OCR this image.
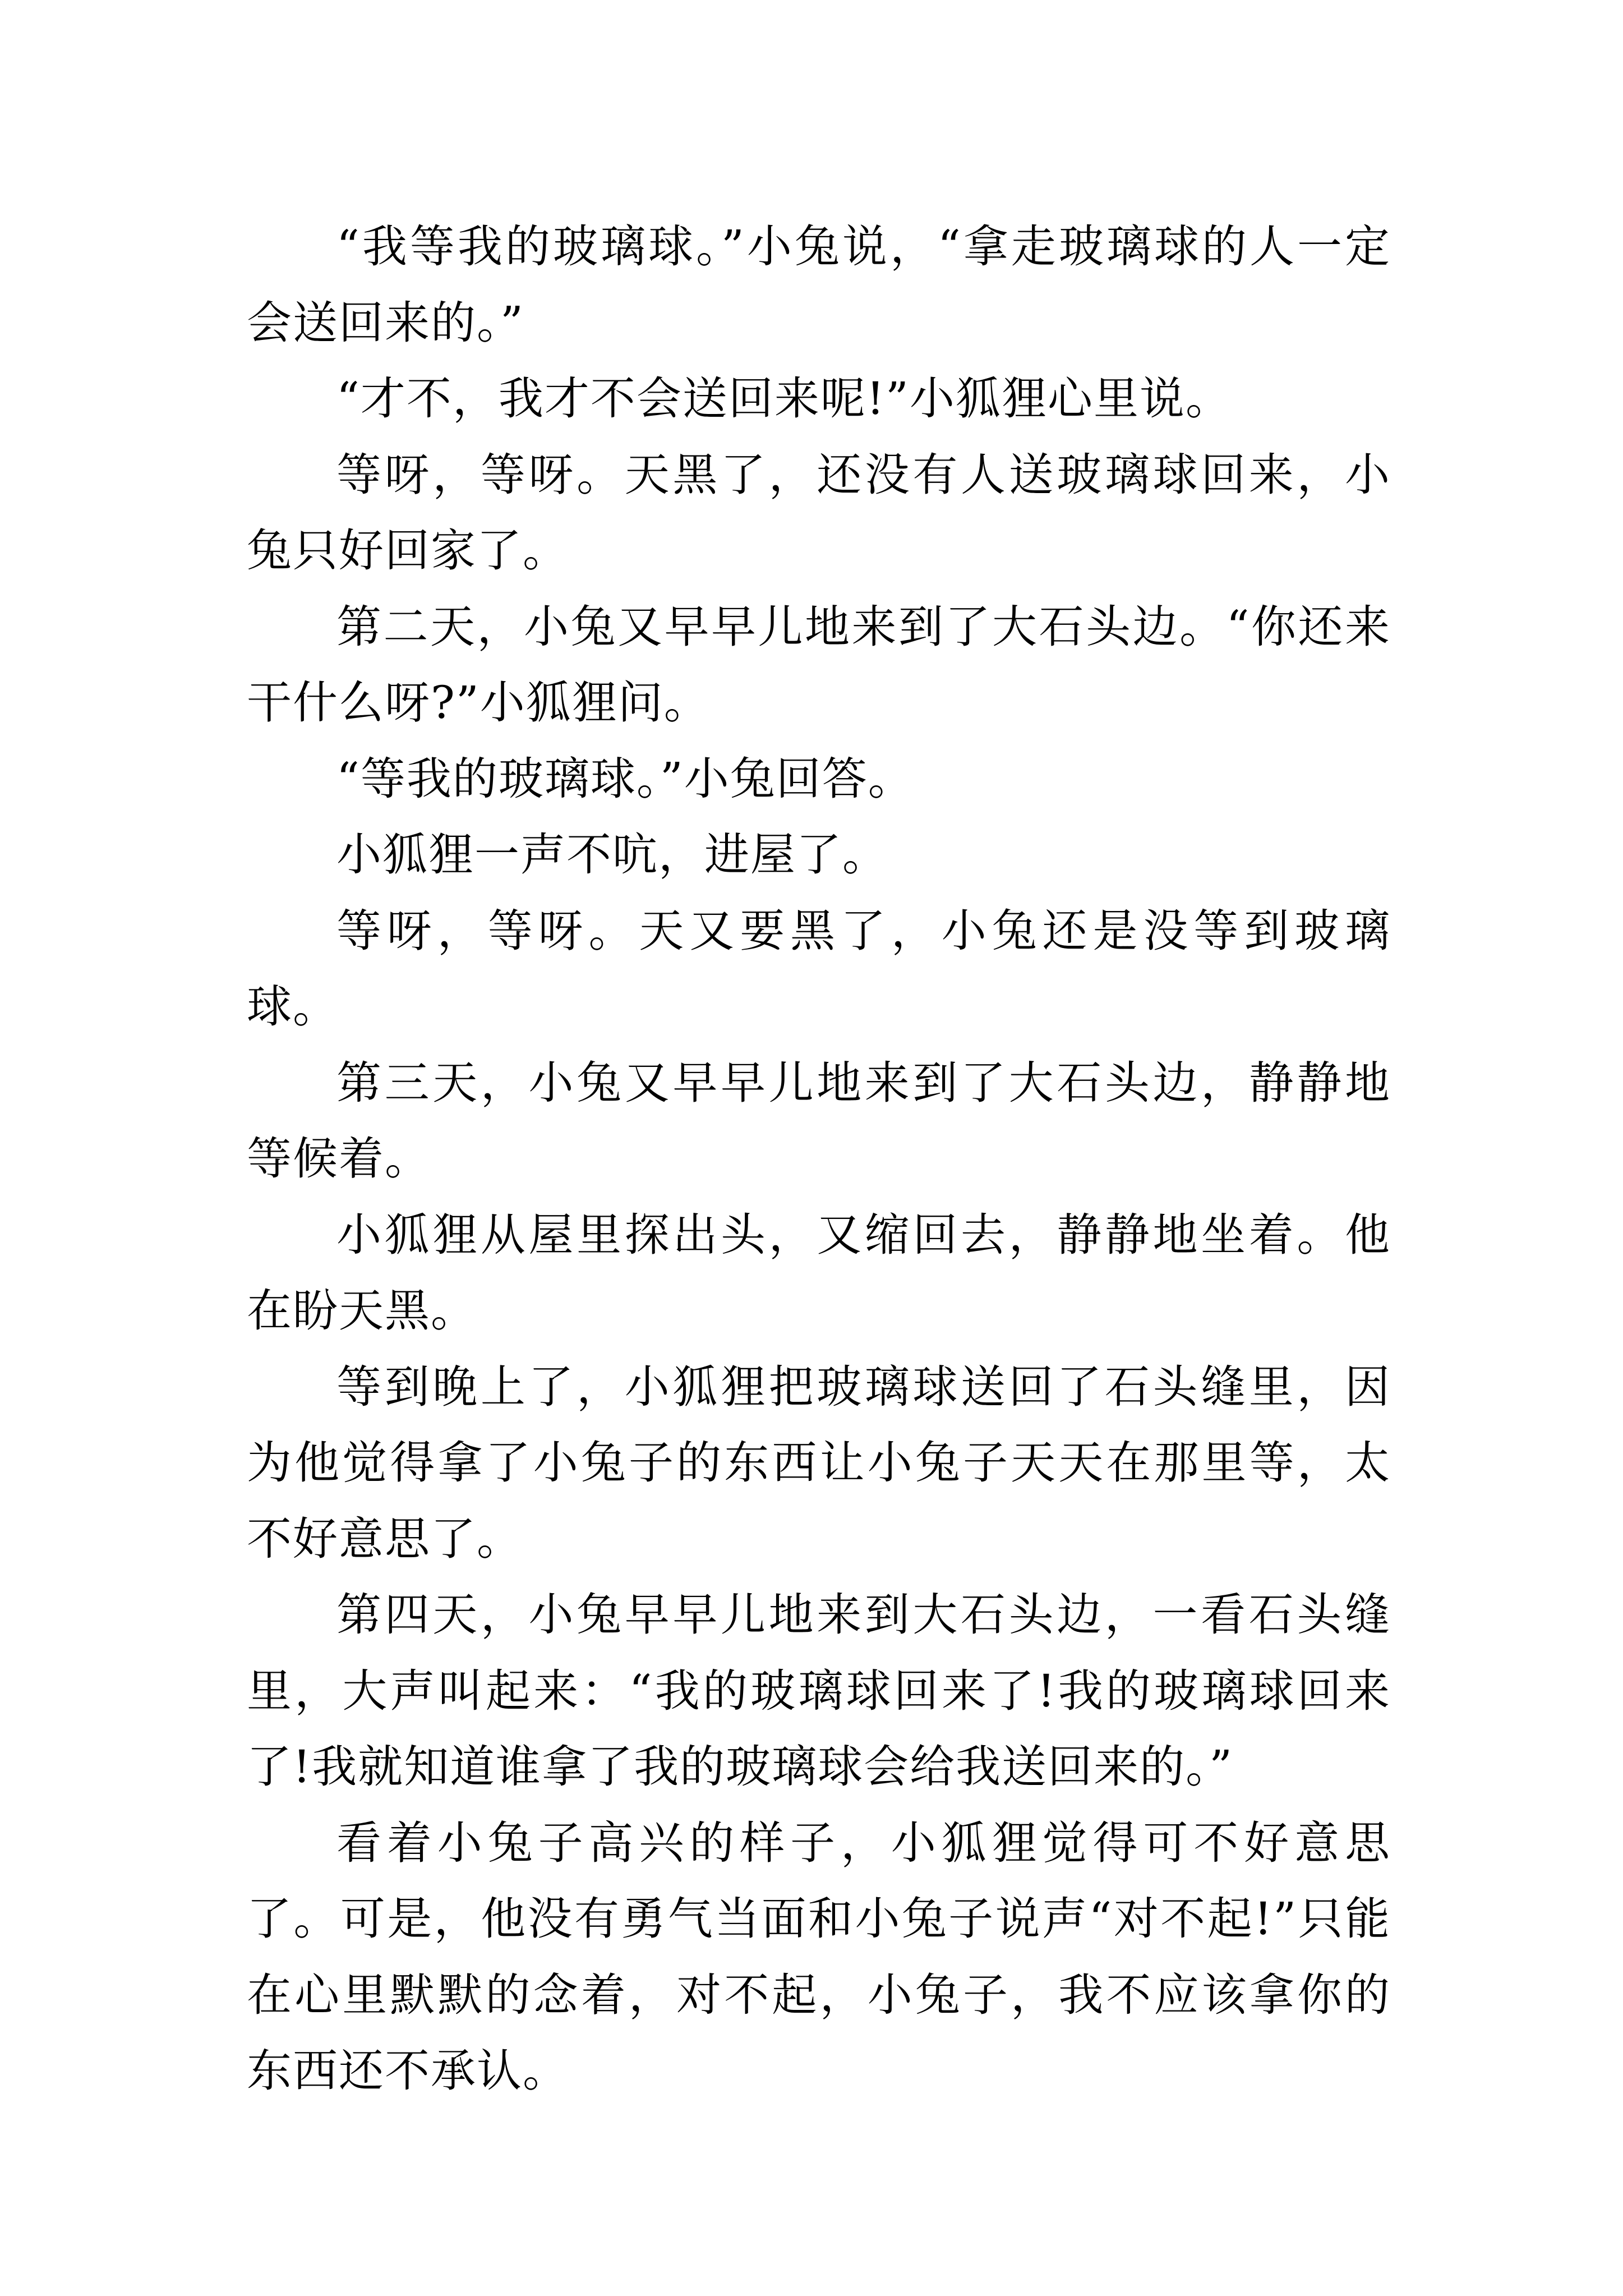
“我等我的玻璃球。”小兔说，“拿走玻璃球的人一定会送回来的。”

“才不，我才不会送回来呢!”小狐狸心里说。

等呀，等呀。天黑了，还没有人送玻璃球回来，小兔只好回家了。

第二天，小兔又早早儿地来到了大石头边。“你还来干什么呀?”小狐狸问。

“等我的玻璃球。”小兔回答。

小狐狸一声不吭，进屋了。

等呀，等呀。天又要黑了，小兔还是没等到玻璃球。

第三天，小兔又早早儿地来到了大石头边，静静地等候着。

小狐狸从屋里探出头，又缩回去，静静地坐着。他在盼天黑。

等到晚上了，小狐狸把玻璃球送回了石头缝里，因为他觉得拿了小兔子的东西让小兔子天天在那里等，太不好意思了。

第四天，小兔早早儿地来到大石头边，一看石头缝里，大声叫起来：“我的玻璃球回来了!我的玻璃球回来了!我就知道谁拿了我的玻璃球会给我送回来的。”

看着小兔子高兴的样子，小狐狸觉得可不好意思了。可是，他没有勇气当面和小兔子说声“对不起!”只能在心里默默的念着，对不起，小兔子，我不应该拿你的东西还不承认。
